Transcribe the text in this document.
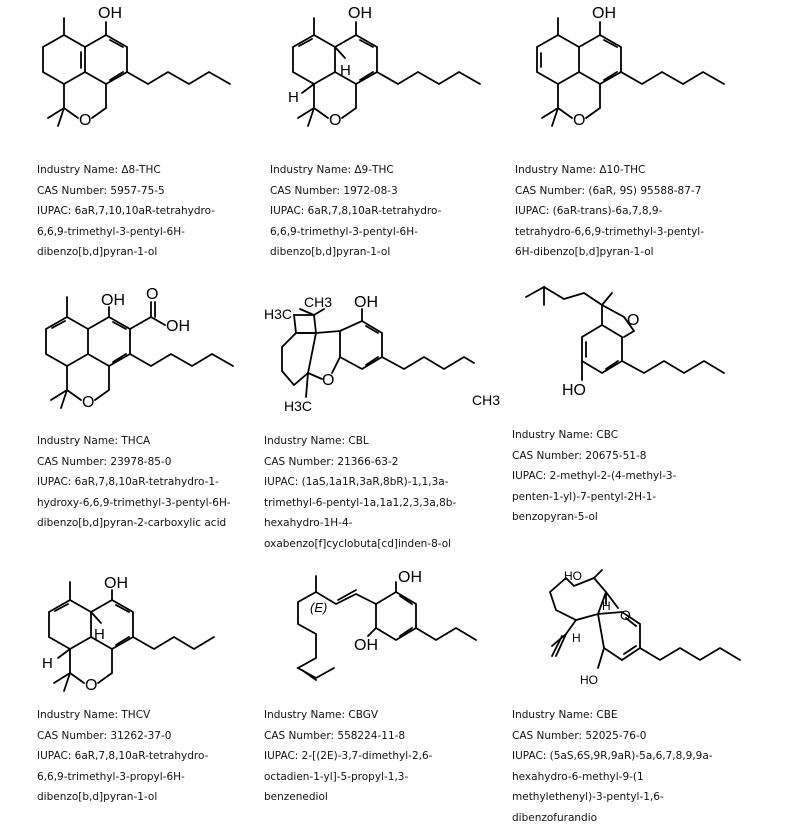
OH
O
Industry Name: Δ8-THC
CAS Number: 5957-75-5
IUPAC: 6aR,7,10,10aR-tetrahydro-
6,6,9-trimethyl-3-pentyl-6H-
dibenzo[b,d]pyran-1-ol
OH
O
H
H
Industry Name: Δ9-THC
CAS Number: 1972-08-3
IUPAC: 6aR,7,8,10aR-tetrahydro-
6,6,9-trimethyl-3-pentyl-6H-
dibenzo[b,d]pyran-1-ol
OH
O
Industry Name: Δ10-THC
CAS Number: (6aR, 9S) 95588-87-7
IUPAC: (6aR-trans)-6a,7,8,9-
tetrahydro-6,6,9-trimethyl-3-pentyl-
6H-dibenzo[b,d]pyran-1-ol
OH
O
O
OH
Industry Name: THCA
CAS Number: 23978-85-0
IUPAC: 6aR,7,8,10aR-tetrahydro-1-
hydroxy-6,6,9-trimethyl-3-pentyl-6H-
dibenzo[b,d]pyran-2-carboxylic acid
H3C
CH3 OH
O
H3C	CH3
Industry Name: CBL
CAS Number: 21366-63-2
IUPAC: (1aS,1a1R,3aR,8bR)-1,1,3a-
trimethyl-6-pentyl-1a,1a1,2,3,3a,8b-
hexahydro-1H-4-
oxabenzo[f]cyclobuta[cd]inden-8-ol
O
HO
Industry Name: CBC
CAS Number: 20675-51-8
IUPAC: 2-methyl-2-(4-methyl-3-
penten-1-yl)-7-pentyl-2H-1-
benzopyran-5-ol
OH
O
H
H
Industry Name: THCV
CAS Number: 31262-37-0
IUPAC: 6aR,7,8,10aR-tetrahydro-
6,6,9-trimethyl-3-propyl-6H-
dibenzo[b,d]pyran-1-ol
(E)
OH
OH
Industry Name: CBGV
CAS Number: 558224-11-8
IUPAC: 2-[(2E)-3,7-dimethyl-2,6-
octadien-1-yl]-5-propyl-1,3-
benzenediol
HO
H
O
H
HO
Industry Name: CBE
CAS Number: 52025-76-0
IUPAC: (5aS,6S,9R,9aR)-5a,6,7,8,9,9a-
hexahydro-6-methyl-9-(1
methylethenyl)-3-pentyl-1,6-
dibenzofurandio
